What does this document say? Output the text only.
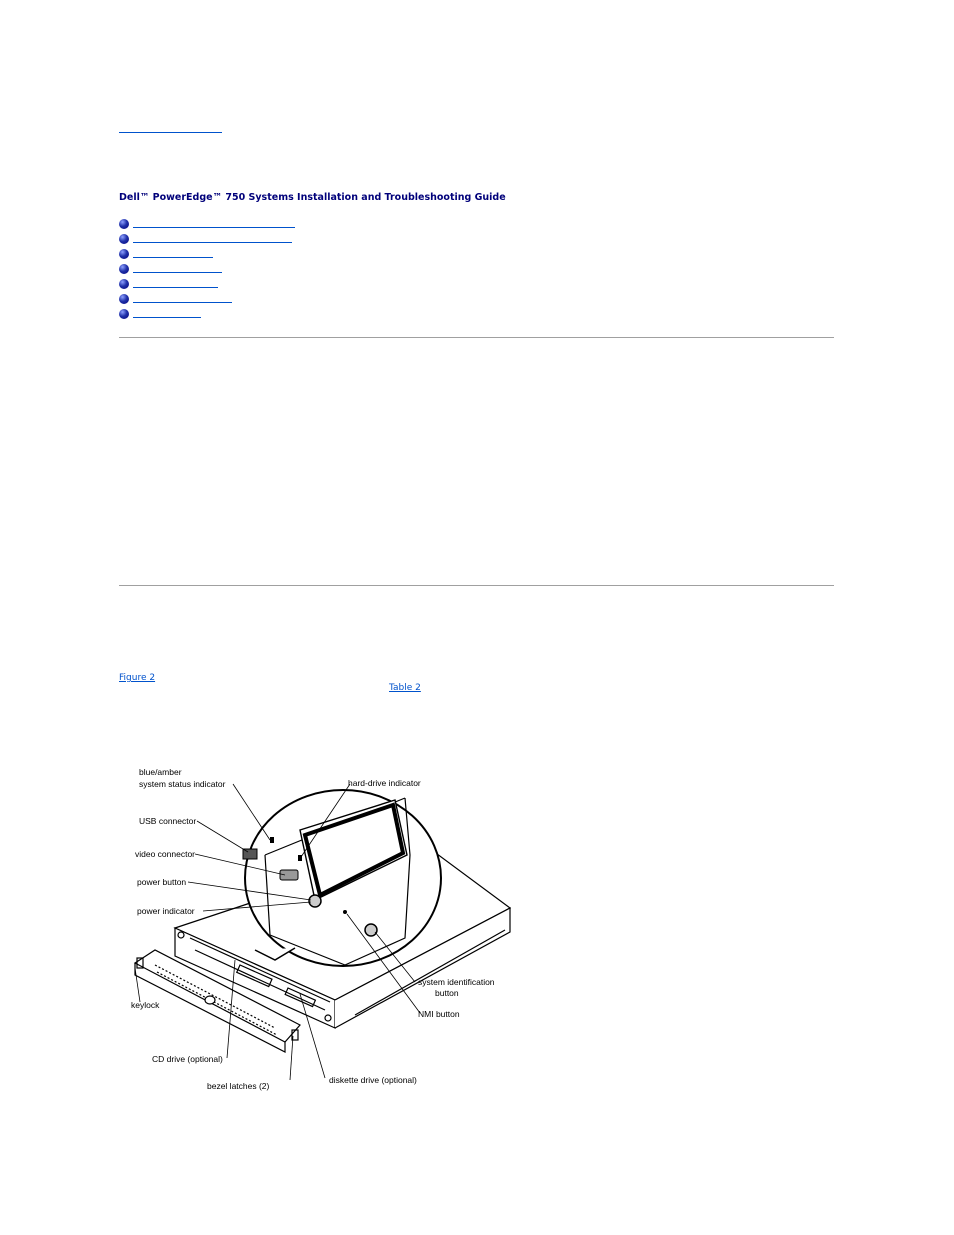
Dell™ PowerEdge™ 750 Systems Installation and Troubleshooting Guide
Figure 2
Table 2
blue/amber
system status indicator
USB connector
video connector
power button
power indicator
keylock
CD drive (optional)
bezel latches (2)
hard-drive indicator
system identification
button
NMI button
diskette drive (optional)
